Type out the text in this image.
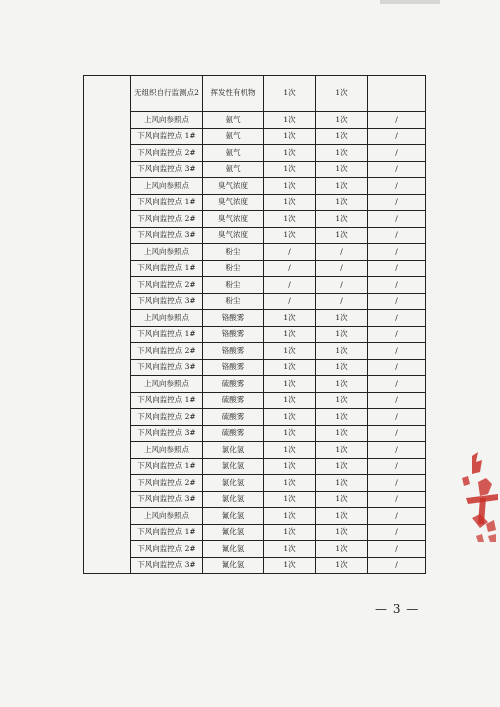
	无组织自行监测点2	挥发性有机物	1次	1次	
	上风向参照点	氨气	1次	1次	/
	下风向监控点 1#	氨气	1次	1次	/
	下风向监控点 2#	氨气	1次	1次	/
	下风向监控点 3#	氨气	1次	1次	/
	上风向参照点	臭气浓度	1次	1次	/
	下风向监控点 1#	臭气浓度	1次	1次	/
	下风向监控点 2#	臭气浓度	1次	1次	/
	下风向监控点 3#	臭气浓度	1次	1次	/
	上风向参照点	粉尘	/	/	/
	下风向监控点 1#	粉尘	/	/	/
	下风向监控点 2#	粉尘	/	/	/
	下风向监控点 3#	粉尘	/	/	/
	上风向参照点	铬酸雾	1次	1次	/
	下风向监控点 1#	铬酸雾	1次	1次	/
	下风向监控点 2#	铬酸雾	1次	1次	/
	下风向监控点 3#	铬酸雾	1次	1次	/
	上风向参照点	硫酸雾	1次	1次	/
	下风向监控点 1#	硫酸雾	1次	1次	/
	下风向监控点 2#	硫酸雾	1次	1次	/
	下风向监控点 3#	硫酸雾	1次	1次	/
	上风向参照点	氯化氢	1次	1次	/
	下风向监控点 1#	氯化氢	1次	1次	/
	下风向监控点 2#	氯化氢	1次	1次	/
	下风向监控点 3#	氯化氢	1次	1次	/
	上风向参照点	氰化氢	1次	1次	/
	下风向监控点 1#	氰化氢	1次	1次	/
	下风向监控点 2#	氰化氢	1次	1次	/
	下风向监控点 3#	氰化氢	1次	1次	/
— 3 —
